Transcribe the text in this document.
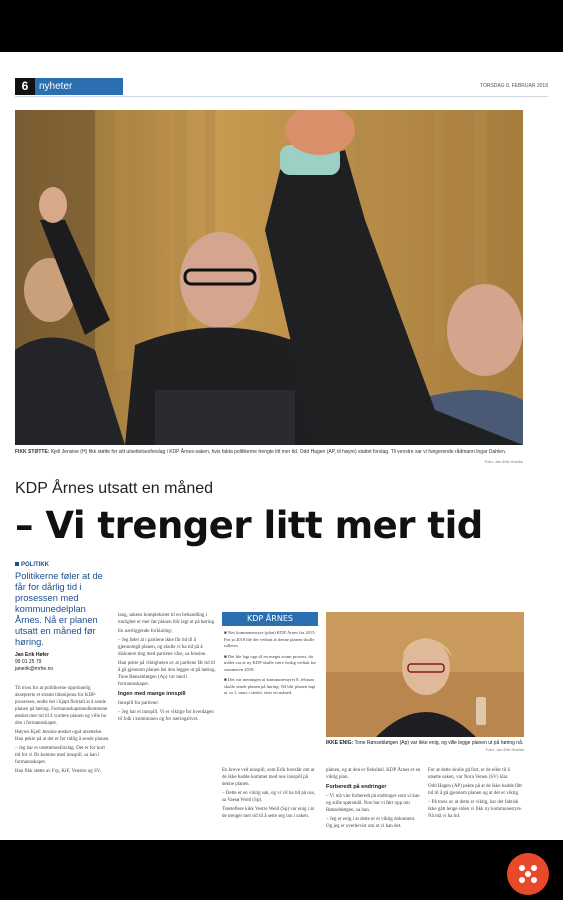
6	nyheter	TORSDAG 8. FEBRUAR 2018
FIKK STØTTE: Kjell Jensine (H) fikk støtte for sitt utsettelsesforslag i KDP Årnes-saken, hvis fakta politikerne trengte litt mer tid. Odd Hagen (AP, til høyre) stattet forslag. Til venstre sar vi fungerende rådmann Ingar Dahlen.
Foto: Jan Erik Hoelse
KDP Årnes utsatt en måned
– Vi trenger litt mer tid
POLITIKK
Politikerne føler at de får for dårlig tid i prosessen med kommunedelplan Årnes. Nå er planen utsatt en måned før høring.
Jan Erik Høfer
99 01 25 79
janerik@mrhe.no

Til tross for at politikerne opprinnelig aksepterte et stramt tidsskjema for KDP-prosessen, endte det i kjapt fleirtall at å sende planen på høring. Formannskapsmedlemmene ønsket mer tid til å vurdere planen og ville ha den i formannskapet.

Høyres Kjell Jensine ønsket også utsettelse. Han pekte på at det er for tidlig å sende planen.

– Jeg har et utsettelsesforslag. Det er for kort tid for vi får komme med innspill, sa han i formannskapet.

Han fikk støtte av Frp, KrF, Venstre og SV.

lang, sakens kompleksitet til en behandling i mulighet er mer før planen blir lagt ut på høring.

En nærliggende forklaring:

– Jeg føler at i partiene ikke får tid til å gjennomgå planen, og skulle vi ha tid på å diskutere ting med partiene våre, sa Jensine.

Han pekte på viktigheten av at partiene får tid til å gå gjennom planen før den legges ut på høring. Tone Rønsebløtgen (Ap) var med i formannskapet.

Ingen med mange innspill

Innspill fra partiene:

– Jeg har et innspill. Vi er viktige for hverdagen til folk i kommunen og for næringslivet.

KDP ÅRNES
■ Nes kommunestyre (plan) KDP Årnes fra 2015. Før ja 2018 ble det vedtatt at denne planen skulle rulleres.
■ Det ble lagt opp til en meget stram prosess, da målet var at ny KDP skulle være ferdig vedtatt før sommeren 2018.
■ Det var meningen at kommunestyret 8. februar skulle sende planen på høring. Nå blir planen lagt ut ca 1. mars i stedet, etter en måned.

En kreve ved innspill, som Erik foreslår om at de ikke hadde kommet med noe innspill på denne planen.

– Dette er en viktig sak, og vi vil ha tid på oss, sa Vaesø Wold (Sp).

Trøsteflere kikk Vestre Weld (Sp) var enig i at de trenger mer tid til å sette seg inn i saken.

IKKE ENIG: Tone Rønsebløtgen (Ap) var ikke enig, og ville legge planen ut på høring nå.
Foto: Jan Erik Hoelse

planen, og at den er fleksibel. KDP Årnes er en viktig plan.

Forberedt på endringer

– Vi må vite forberedt på endringer som vi kan og stille spørsmål. Noe har vi ført opp om Rønsebløtgen, sa hun.

– Jeg er enig i at dette er et viktig dokument. Og jeg er overbevist om at vi kan det.

For at dette skulle gå fort, er de eller til å utsette saken, var Nora Venen (SV) klar.

Odd Hagen (AP) pekte på at de ikke hadde fått tid til å gå gjennom planen og at det er viktig.

– På tross av at dette er viktig, har det faktisk ikke gått lenge siden vi fikk ny kommunestyre. Nå må vi ha tid.
